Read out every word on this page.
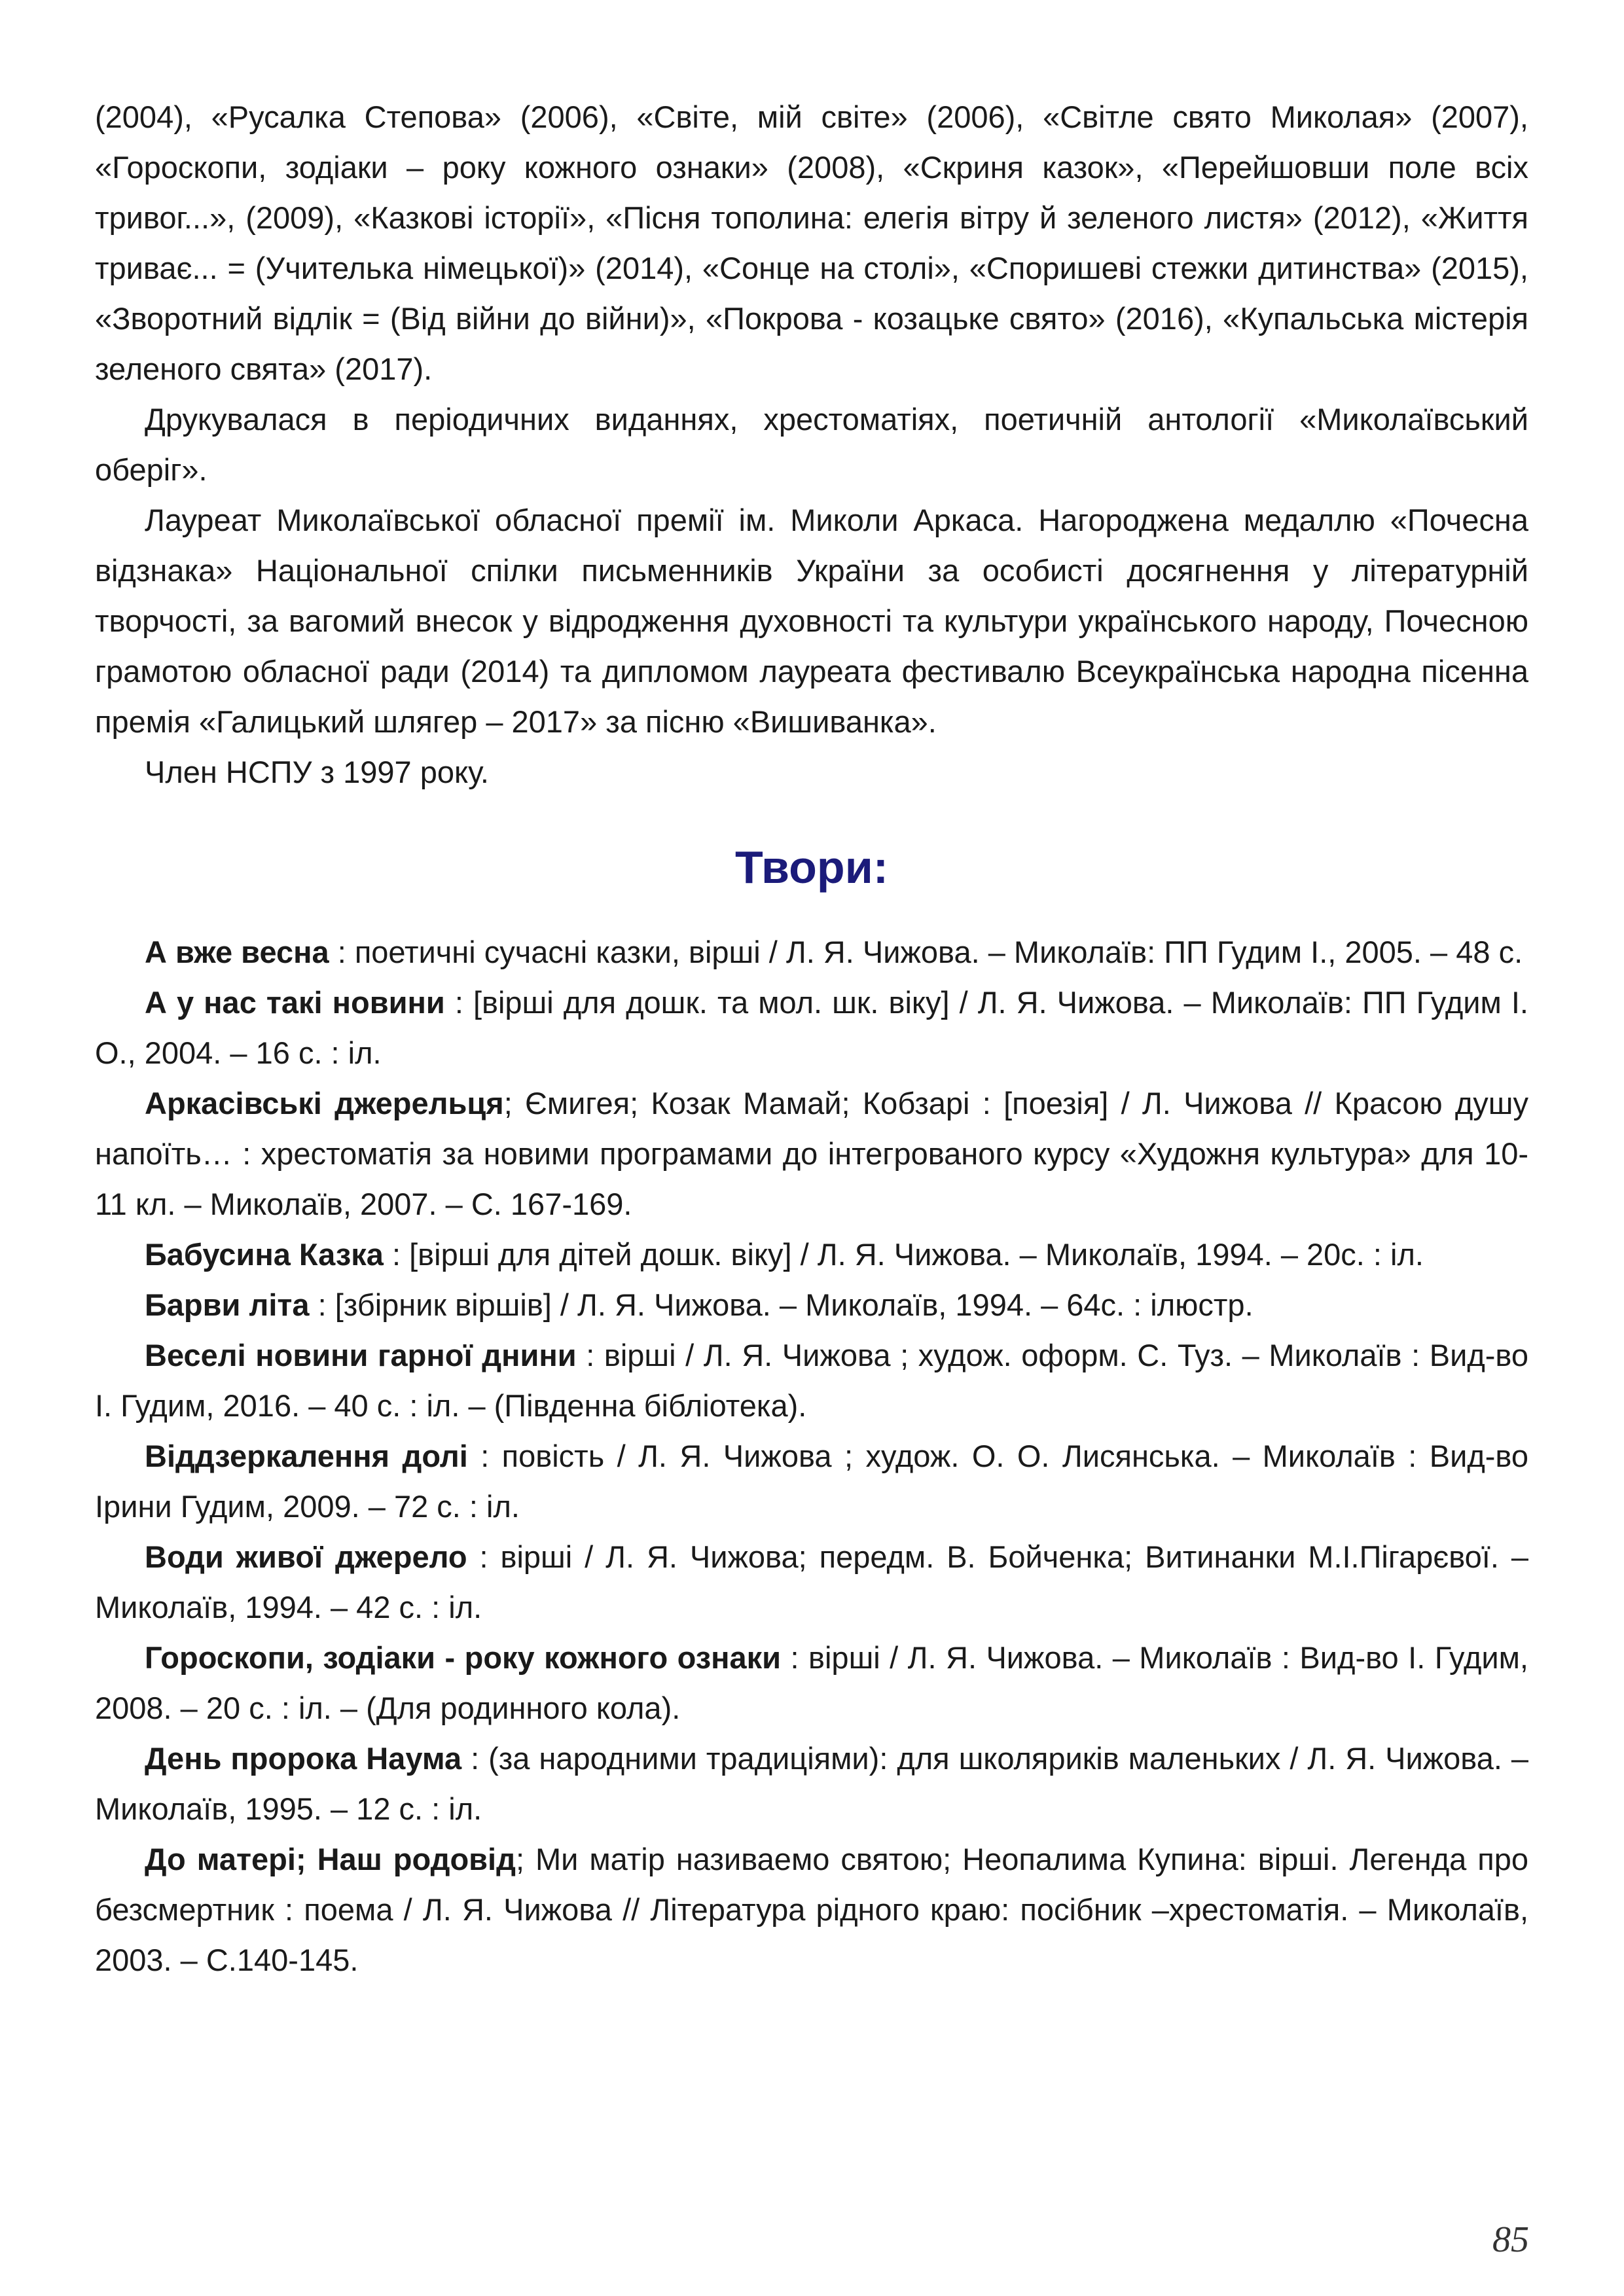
(2004), «Русалка Степова» (2006), «Світе, мій світе» (2006), «Світле свято Миколая» (2007), «Гороскопи, зодіаки – року кожного ознаки» (2008), «Скриня казок», «Перейшовши поле всіх тривог...», (2009), «Казкові історії», «Пісня тополина: елегія вітру й зеленого листя» (2012), «Життя триває... = (Учителька німецької)» (2014), «Сонце на столі», «Споришеві стежки дитинства» (2015), «Зворотний відлік = (Від війни до війни)», «Покрова - козацьке свято» (2016), «Купальська містерія зеленого свята» (2017).

Друкувалася в періодичних виданнях, хрестоматіях, поетичній антології «Миколаївський оберіг».

Лауреат Миколаївської обласної премії ім. Миколи Аркаса. Нагороджена медаллю «Почесна відзнака» Національної спілки письменників України за особисті досягнення у літературній творчості, за вагомий внесок у відродження духовності та культури українського народу, Почесною грамотою обласної ради (2014) та дипломом лауреата фестивалю Всеукраїнська народна пісенна премія «Галицький шлягер – 2017» за пісню «Вишиванка».

Член НСПУ з 1997 року.

Твори:

А вже весна : поетичні сучасні казки, вірші / Л. Я. Чижова. – Миколаїв: ПП Гудим І., 2005. – 48 с.

А у нас такі новини : [вірші для дошк. та мол. шк. віку] / Л. Я. Чижова. – Миколаїв: ПП Гудим І. О., 2004. – 16 с. : іл.

Аркасівські джерельця; Ємигея; Козак Мамай; Кобзарі : [поезія] / Л. Чижова // Красою душу напоїть… : хрестоматія за новими програмами до інтегрованого курсу «Художня культура» для 10-11 кл. – Миколаїв, 2007. – С. 167-169.

Бабусина Казка : [вірші для дітей дошк. віку] / Л. Я. Чижова. – Миколаїв, 1994. – 20с. : іл.

Барви літа : [збірник віршів] / Л. Я. Чижова. – Миколаїв, 1994. – 64с. : ілюстр.

Веселі новини гарної днини : вірші / Л. Я. Чижова ; худож. оформ. С. Туз. – Миколаїв : Вид-во І. Гудим, 2016. – 40 с. : іл. – (Південна бібліотека).

Віддзеркалення долі : повість / Л. Я. Чижова ; худож. О. О. Лисянська. – Миколаїв : Вид-во Ірини Гудим, 2009. – 72 с. : іл.

Води живої джерело : вірші / Л. Я. Чижова; передм. В. Бойченка; Витинанки М.І.Пігарєвої. – Миколаїв, 1994. – 42 с. : іл.

Гороскопи, зодіаки - року кожного ознаки : вірші / Л. Я. Чижова. – Миколаїв : Вид-во І. Гудим, 2008. – 20 с. : іл. – (Для родинного кола).

День пророка Наума : (за народними традиціями): для школяриків маленьких / Л. Я. Чижова. – Миколаїв, 1995. – 12 с. : іл.

До матері; Наш родовід; Ми матір називаемо святою; Неопалима Купина: вірші. Легенда про безсмертник : поема / Л. Я. Чижова // Література рідного краю: посібник –хрестоматія. – Миколаїв, 2003. – С.140-145.

85
